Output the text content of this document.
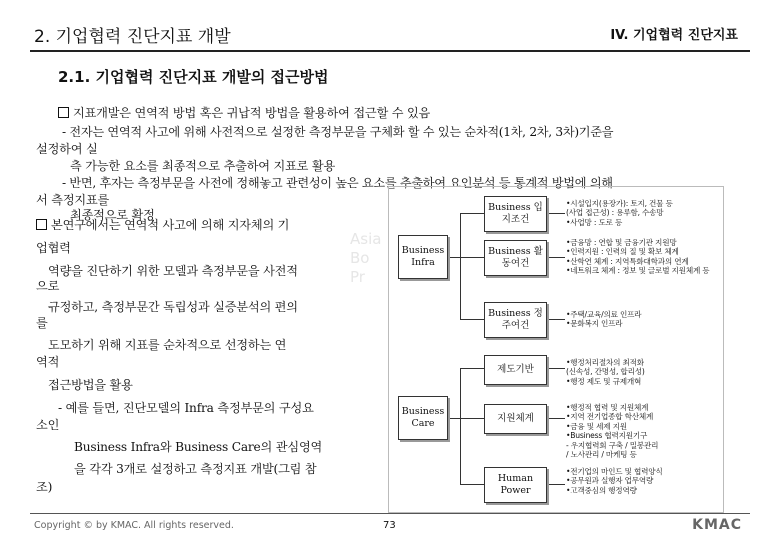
2. 기업협력 진단지표 개발	IV. 기업협력 진단지표
2.1. 기업협력 진단지표 개발의 접근방법
Asia
Bo
Pr
지표개발은 연역적 방법 혹은 귀납적 방법을 활용하여 접근할 수 있음
- 전자는 연역적 사고에 위해 사전적으로 설정한 측정부문을 구체화 할 수 있는 순차적(1차, 2차, 3차)기준을
설정하여 실
측 가능한 요소를 최종적으로 추출하여 지표로 활용
- 반면, 후자는 측정부문을 사전에 정해놓고 관련성이 높은 요소를 추출하여 요인분석 등 통계적 방법에 의해
서 측정지표를
최종적으로 확정
본연구에서는 연역적 사고에 의해 지자체의 기
업협력
역량을 진단하기 위한 모델과 측정부문을 사전적
으로
규정하고, 측정부문간 독립성과 실증분석의 편의
를
도모하기 위해 지표를 순차적으로 선정하는 연
역적
접근방법을 활용
- 예를 들면, 진단모델의 Infra 측정부문의 구성요
소인
Business Infra와 Business Care의 관심영역
을 각각 3개로 설정하고 측정지표 개발(그림 참
조)
Business Infra
Business Care
Business 입지조건
Business 활동여건
Business 정주여건
제도기반
지원체계
Human Power
•시설입지(용장가): 토지, 건물 등
(사업 접근성) : 용루함, 수송망
•사업망 : 도로 등
•금융망 : 연합 및 금융기관 지원망
•인력지원 : 인력의 질 및 확보 체계
•산학연 체계 : 지역특화대학과의 연계
•네트워크 체계 : 정보 및 글로벌 지원체계 등
•주택/교육/의료 인프라
•문화복지 인프라
•행정처리절차의 최적화
(신속성, 간명성, 합리성)
•행정 제도 및 규제개혁
•행정적 협력 및 지원체계
•지역 전기업종합 학산체계
•금융 및 세제 지원
•Business 협력지원기구
- 우지협력회 구축 / 밀봉관리
/ 노사관리 / 마케팅 등
•전기업의 마인드 및 협력양식
•공무원과 실행자 업무역량
•고객중심의 행정역량
Copyright © by KMAC. All rights reserved.	73	KMAC
